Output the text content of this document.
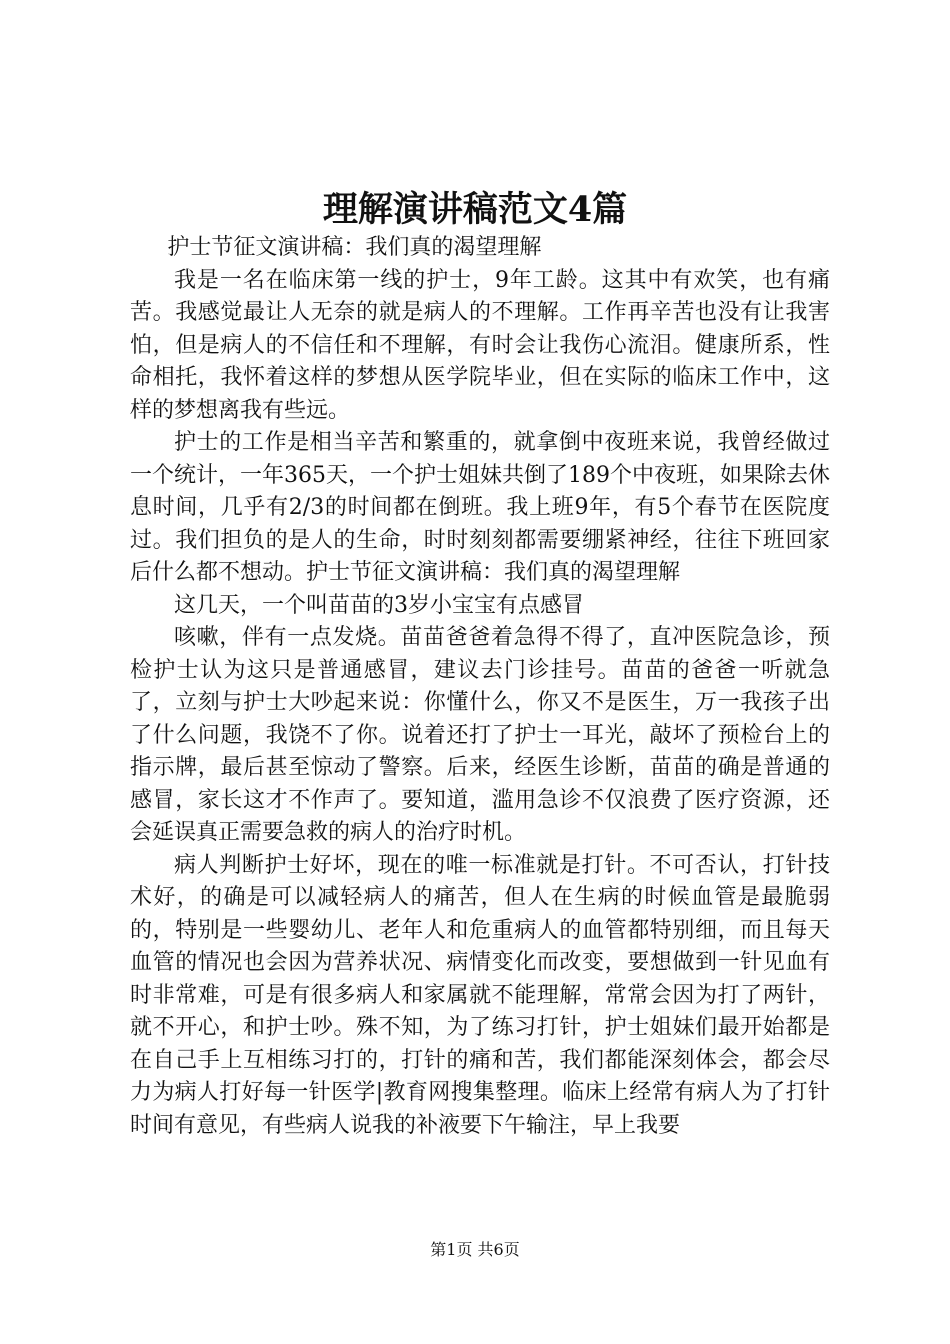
理解演讲稿范文4篇

护士节征文演讲稿：我们真的渴望理解

我是一名在临床第一线的护士，9年工龄。这其中有欢笑，也有痛苦。我感觉最让人无奈的就是病人的不理解。工作再辛苦也没有让我害怕，但是病人的不信任和不理解，有时会让我伤心流泪。健康所系，性命相托，我怀着这样的梦想从医学院毕业，但在实际的临床工作中，这样的梦想离我有些远。

护士的工作是相当辛苦和繁重的，就拿倒中夜班来说，我曾经做过一个统计，一年365天，一个护士姐妹共倒了189个中夜班，如果除去休息时间，几乎有2/3的时间都在倒班。我上班9年，有5个春节在医院度过。我们担负的是人的生命，时时刻刻都需要绷紧神经，往往下班回家后什么都不想动。护士节征文演讲稿：我们真的渴望理解

这几天，一个叫苗苗的3岁小宝宝有点感冒

咳嗽，伴有一点发烧。苗苗爸爸着急得不得了，直冲医院急诊，预检护士认为这只是普通感冒，建议去门诊挂号。苗苗的爸爸一听就急了，立刻与护士大吵起来说：你懂什么，你又不是医生，万一我孩子出了什么问题，我饶不了你。说着还打了护士一耳光，敲坏了预检台上的指示牌，最后甚至惊动了警察。后来，经医生诊断，苗苗的确是普通的感冒，家长这才不作声了。要知道，滥用急诊不仅浪费了医疗资源，还会延误真正需要急救的病人的治疗时机。

病人判断护士好坏，现在的唯一标准就是打针。不可否认，打针技术好，的确是可以减轻病人的痛苦，但人在生病的时候血管是最脆弱的，特别是一些婴幼儿、老年人和危重病人的血管都特别细，而且每天血管的情况也会因为营养状况、病情变化而改变，要想做到一针见血有时非常难，可是有很多病人和家属就不能理解，常常会因为打了两针，就不开心，和护士吵。殊不知，为了练习打针，护士姐妹们最开始都是在自己手上互相练习打的，打针的痛和苦，我们都能深刻体会，都会尽力为病人打好每一针医学|教育网搜集整理。临床上经常有病人为了打针时间有意见，有些病人说我的补液要下午输注，早上我要

第1页 共6页
